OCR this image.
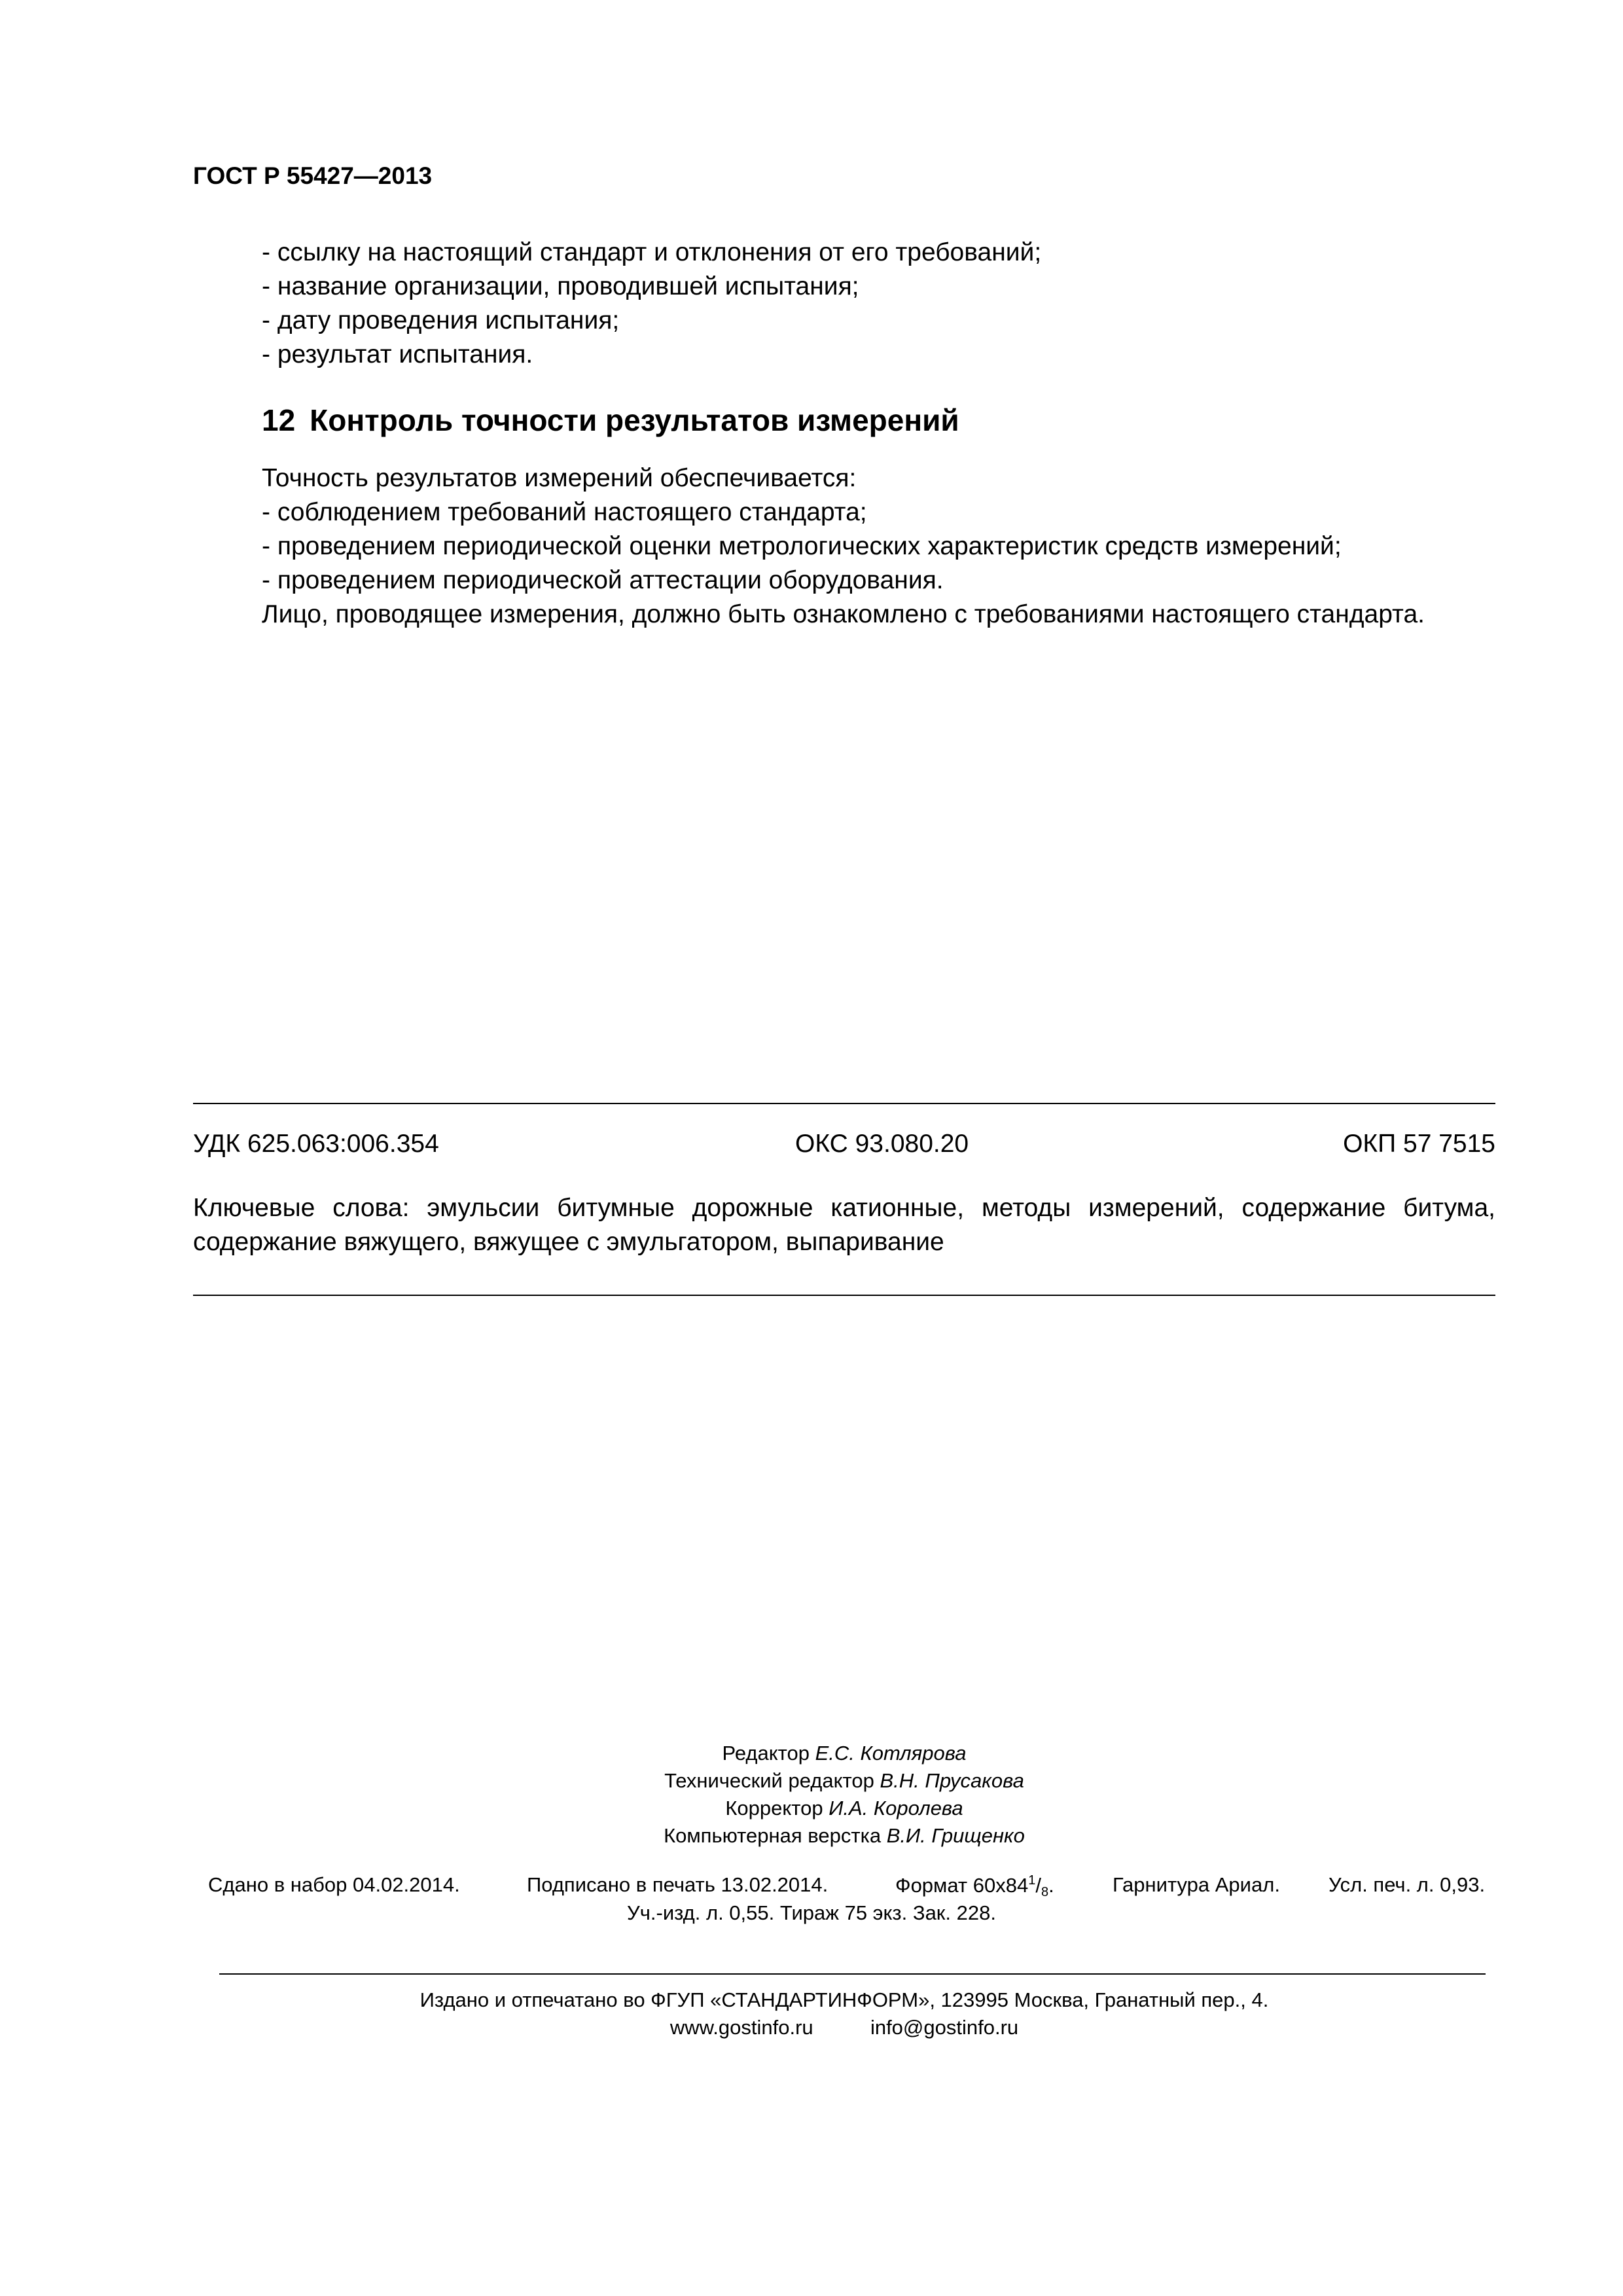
ГОСТ Р 55427—2013
- ссылку на настоящий стандарт и отклонения от его требований;
- название организации, проводившей испытания;
- дату проведения испытания;
- результат испытания.
12 Контроль точности результатов измерений
Точность результатов измерений обеспечивается:
- соблюдением требований настоящего стандарта;
- проведением периодической оценки метрологических характеристик средств измерений;
- проведением периодической аттестации оборудования.
Лицо, проводящее измерения, должно быть ознакомлено с требованиями настоящего стандарта.
УДК 625.063:006.354	ОКС 93.080.20	ОКП 57 7515
Ключевые слова: эмульсии битумные дорожные катионные, методы измерений, содержание битума, содержание вяжущего, вяжущее с эмульгатором, выпаривание
Редактор Е.С. Котлярова
Технический редактор В.Н. Прусакова
Корректор И.А. Королева
Компьютерная верстка В.И. Грищенко
Сдано в набор 04.02.2014.	Подписано в печать 13.02.2014.	Формат $60x84^1/_8$.	Гарнитура Ариал. Усл. печ. л. 0,93.
Уч.-изд. л. 0,55. Тираж 75 экз. Зак. 228.
Издано и отпечатано во ФГУП «СТАНДАРТИНФОРМ», 123995 Москва, Гранатный пер., 4.
www.gostinfo.ru	info@gostinfo.ru
